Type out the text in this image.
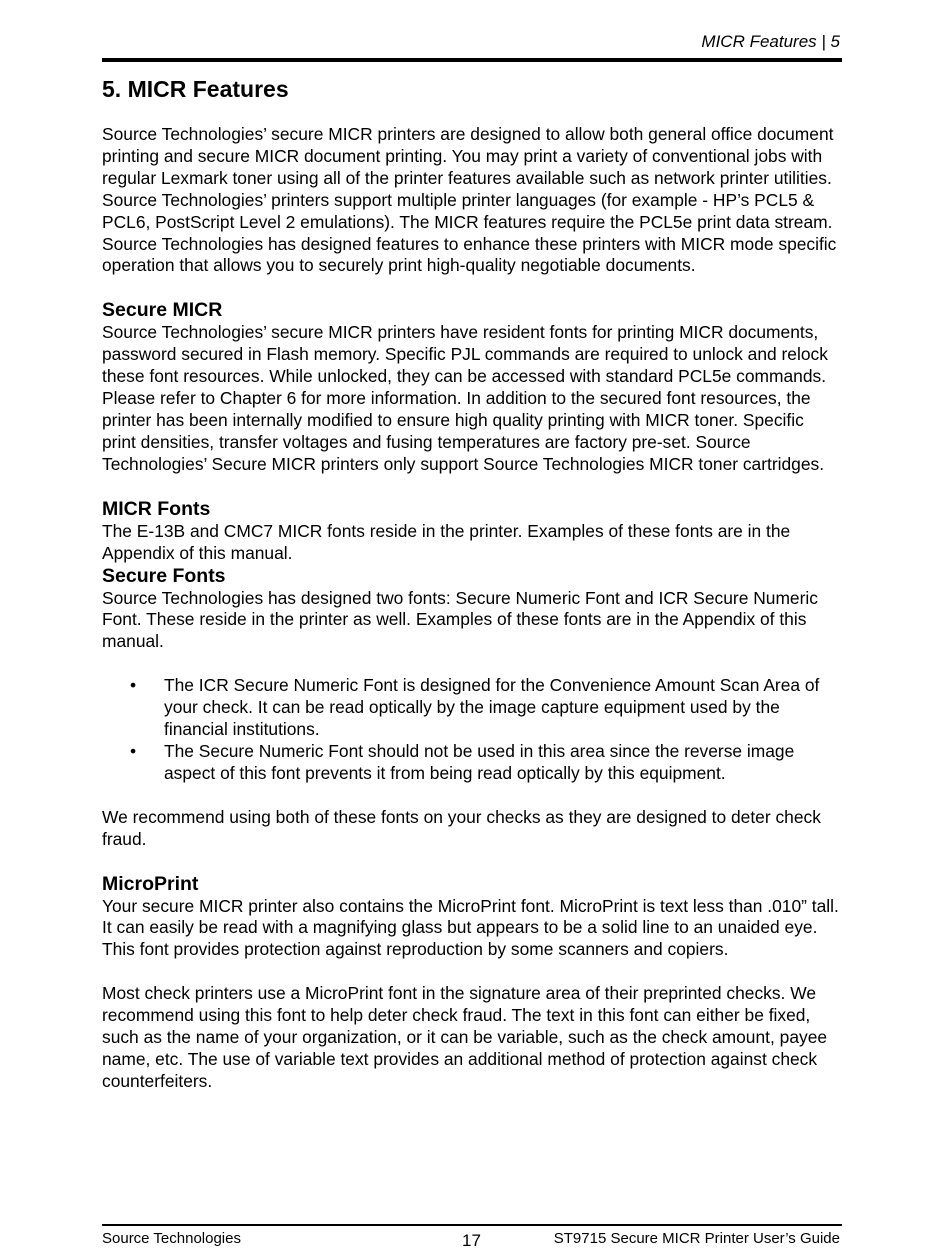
MICR Features | 5
5. MICR Features

Source Technologies’ secure MICR printers are designed to allow both general office document printing and secure MICR document printing. You may print a variety of conventional jobs with regular Lexmark toner using all of the printer features available such as network printer utilities. Source Technologies’ printers support multiple printer languages (for example - HP’s PCL5 & PCL6, PostScript Level 2 emulations). The MICR features require the PCL5e print data stream. Source Technologies has designed features to enhance these printers with MICR mode specific operation that allows you to securely print high-quality negotiable documents.

Secure MICR

Source Technologies’ secure MICR printers have resident fonts for printing MICR documents, password secured in Flash memory. Specific PJL commands are required to unlock and relock these font resources. While unlocked, they can be accessed with standard PCL5e commands. Please refer to Chapter 6 for more information. In addition to the secured font resources, the printer has been internally modified to ensure high quality printing with MICR toner. Specific print densities, transfer voltages and fusing temperatures are factory pre-set. Source Technologies’ Secure MICR printers only support Source Technologies MICR toner cartridges.

MICR Fonts

The E-13B and CMC7 MICR fonts reside in the printer. Examples of these fonts are in the Appendix of this manual.

Secure Fonts

Source Technologies has designed two fonts: Secure Numeric Font and ICR Secure Numeric Font. These reside in the printer as well. Examples of these fonts are in the Appendix of this manual.

• The ICR Secure Numeric Font is designed for the Convenience Amount Scan Area of your check. It can be read optically by the image capture equipment used by the financial institutions.
• The Secure Numeric Font should not be used in this area since the reverse image aspect of this font prevents it from being read optically by this equipment.

We recommend using both of these fonts on your checks as they are designed to deter check fraud.

MicroPrint

Your secure MICR printer also contains the MicroPrint font. MicroPrint is text less than .010” tall. It can easily be read with a magnifying glass but appears to be a solid line to an unaided eye. This font provides protection against reproduction by some scanners and copiers.

Most check printers use a MicroPrint font in the signature area of their preprinted checks. We recommend using this font to help deter check fraud. The text in this font can either be fixed, such as the name of your organization, or it can be variable, such as the check amount, payee name, etc. The use of variable text provides an additional method of protection against check counterfeiters.

Source Technologies	17	ST9715 Secure MICR Printer User’s Guide
